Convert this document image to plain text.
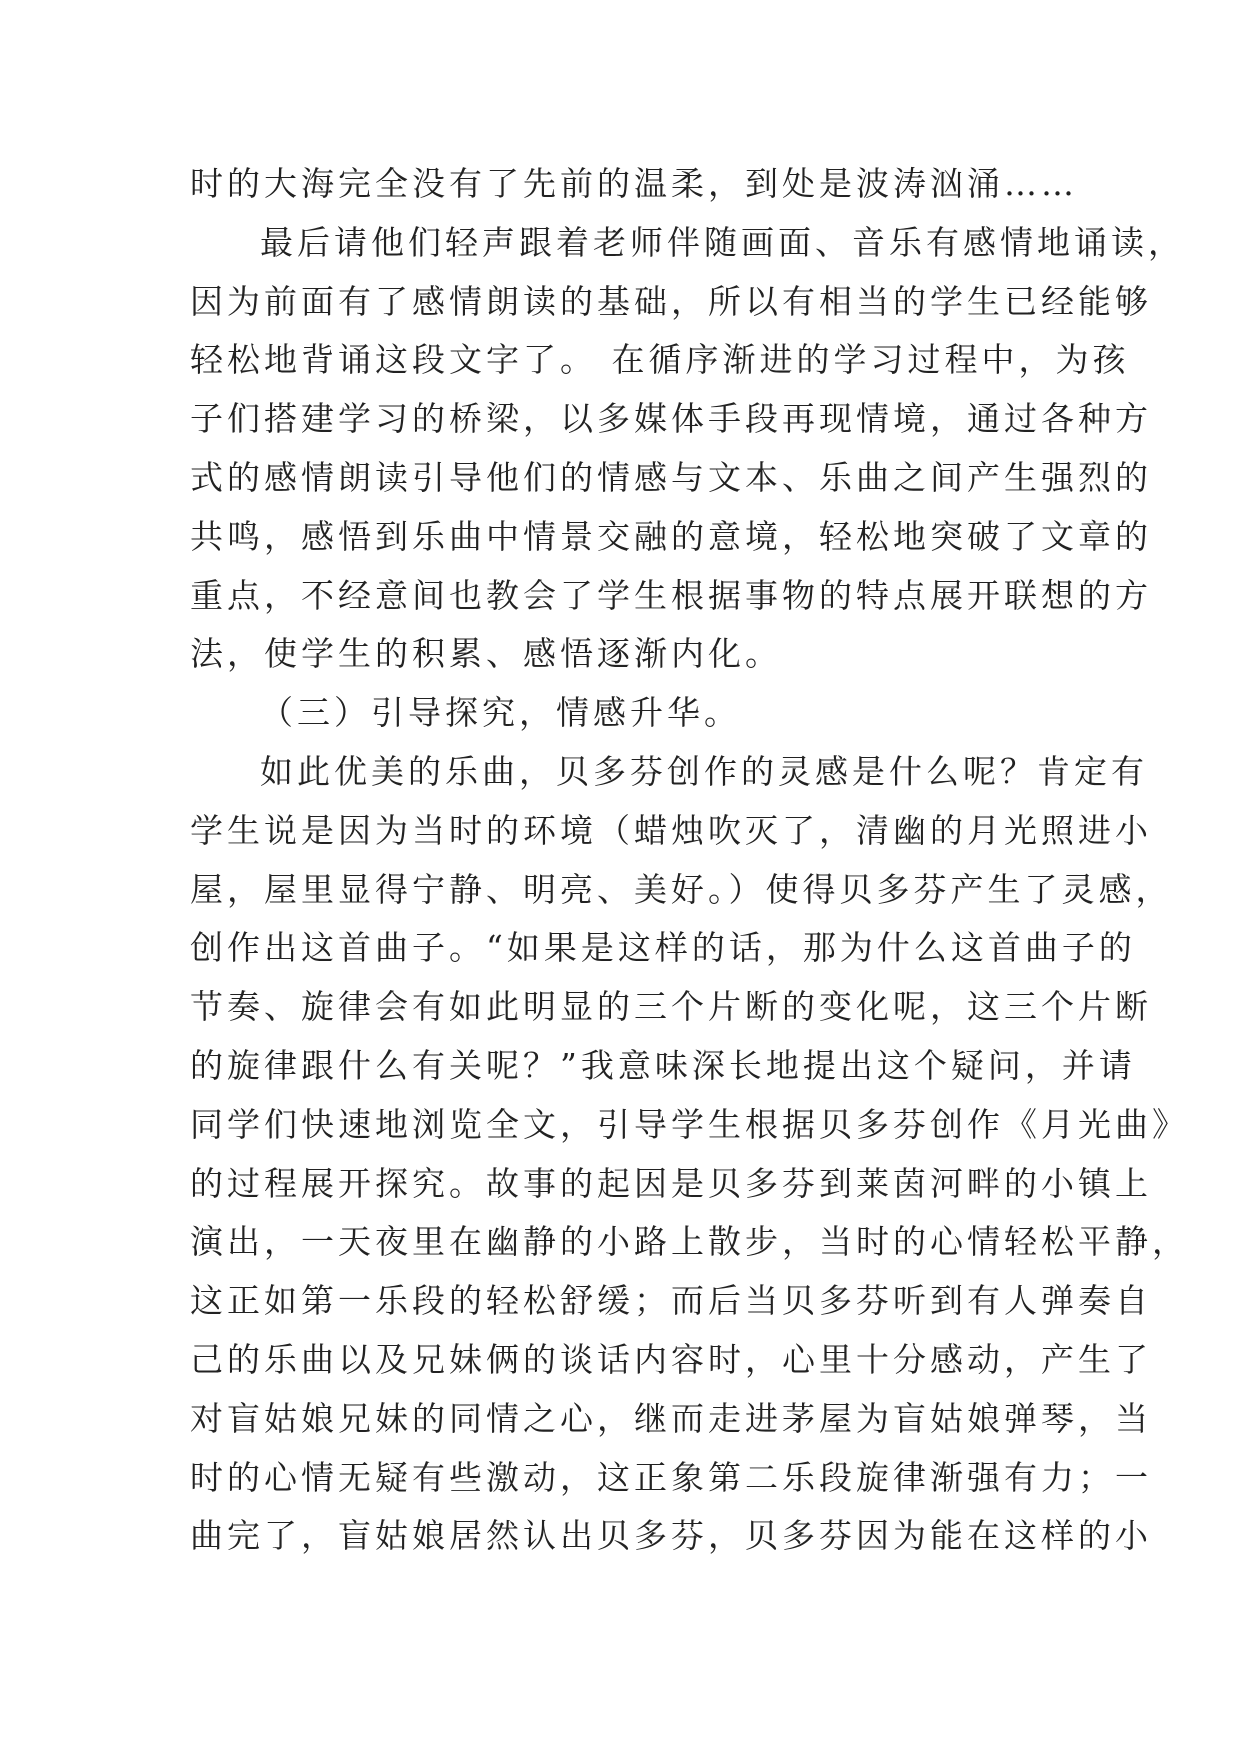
时的大海完全没有了先前的温柔，到处是波涛汹涌……

最后请他们轻声跟着老师伴随画面、音乐有感情地诵读，

因为前面有了感情朗读的基础，所以有相当的学生已经能够

轻松地背诵这段文字了。 在循序渐进的学习过程中，为孩

子们搭建学习的桥梁，以多媒体手段再现情境，通过各种方

式的感情朗读引导他们的情感与文本、乐曲之间产生强烈的

共鸣，感悟到乐曲中情景交融的意境，轻松地突破了文章的

重点，不经意间也教会了学生根据事物的特点展开联想的方

法，使学生的积累、感悟逐渐内化。

（三）引导探究，情感升华。

如此优美的乐曲，贝多芬创作的灵感是什么呢？肯定有

学生说是因为当时的环境（蜡烛吹灭了，清幽的月光照进小

屋，屋里显得宁静、明亮、美好。）使得贝多芬产生了灵感，

创作出这首曲子。“如果是这样的话，那为什么这首曲子的

节奏、旋律会有如此明显的三个片断的变化呢，这三个片断

的旋律跟什么有关呢？”我意味深长地提出这个疑问，并请

同学们快速地浏览全文，引导学生根据贝多芬创作《月光曲》

的过程展开探究。故事的起因是贝多芬到莱茵河畔的小镇上

演出，一天夜里在幽静的小路上散步，当时的心情轻松平静，

这正如第一乐段的轻松舒缓；而后当贝多芬听到有人弹奏自

己的乐曲以及兄妹俩的谈话内容时，心里十分感动，产生了

对盲姑娘兄妹的同情之心，继而走进茅屋为盲姑娘弹琴，当

时的心情无疑有些激动，这正象第二乐段旋律渐强有力；一

曲完了，盲姑娘居然认出贝多芬，贝多芬因为能在这样的小
